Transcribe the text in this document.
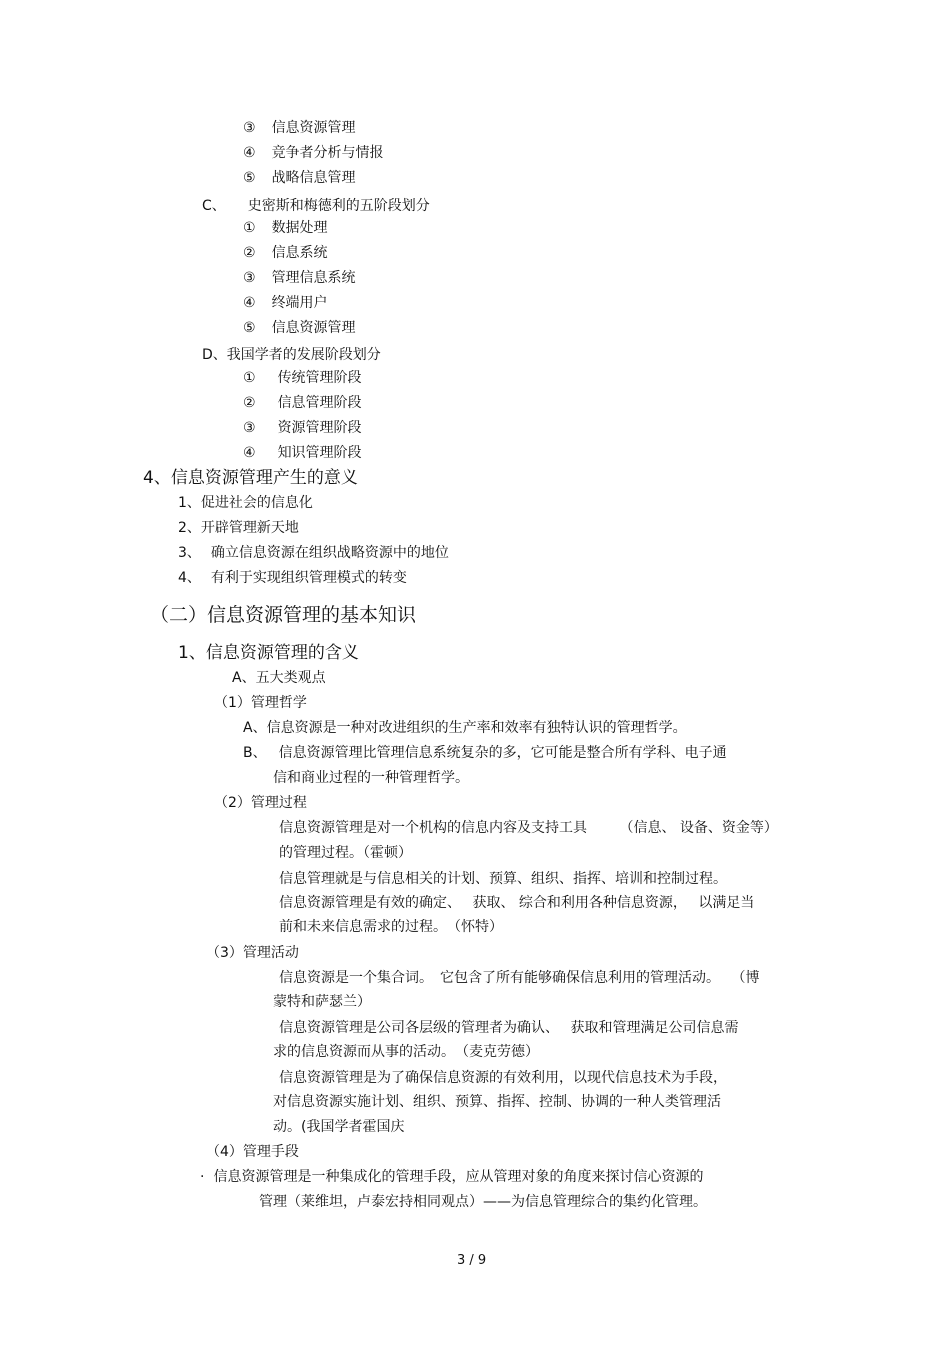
③ 信息资源管理
④ 竞争者分析与情报
⑤ 战略信息管理
C、 史密斯和梅德利的五阶段划分
① 数据处理
② 信息系统
③ 管理信息系统
④ 终端用户
⑤ 信息资源管理
D、我国学者的发展阶段划分
① 传统管理阶段
② 信息管理阶段
③ 资源管理阶段
④ 知识管理阶段
4、信息资源管理产生的意义
1、促进社会的信息化
2、开辟管理新天地
3、 确立信息资源在组织战略资源中的地位
4、 有利于实现组织管理模式的转变
（二）信息资源管理的基本知识
1、信息资源管理的含义
A、五大类观点
（1）管理哲学
A、信息资源是一种对改进组织的生产率和效率有独特认识的管理哲学。
B、 信息资源管理比管理信息系统复杂的多，它可能是整合所有学科、电子通
信和商业过程的一种管理哲学。
（2）管理过程
信息资源管理是对一个机构的信息内容及支持工具　　 （信息、 设备、资金等）
的管理过程。（霍顿）
信息管理就是与信息相关的计划、预算、组织、指挥、培训和控制过程。
信息资源管理是有效的确定、　 获取、 综合和利用各种信息资源，　 以满足当
前和未来信息需求的过程。　（怀特）
（3）管理活动
信息资源是一个集合词。　它包含了所有能够确保信息利用的管理活动。　 （博
蒙特和萨瑟兰）
信息资源管理是公司各层级的管理者为确认、　 获取和管理满足公司信息需
求的信息资源而从事的活动。　（麦克劳德）
信息资源管理是为了确保信息资源的有效利用，以现代信息技术为手段，
对信息资源实施计划、组织、预算、指挥、控制、协调的一种人类管理活
动。(我国学者霍国庆
（4）管理手段
· 信息资源管理是一种集成化的管理手段，应从管理对象的角度来探讨信心资源的
管理（莱维坦，卢泰宏持相同观点）——为信息管理综合的集约化管理。
3 / 9
